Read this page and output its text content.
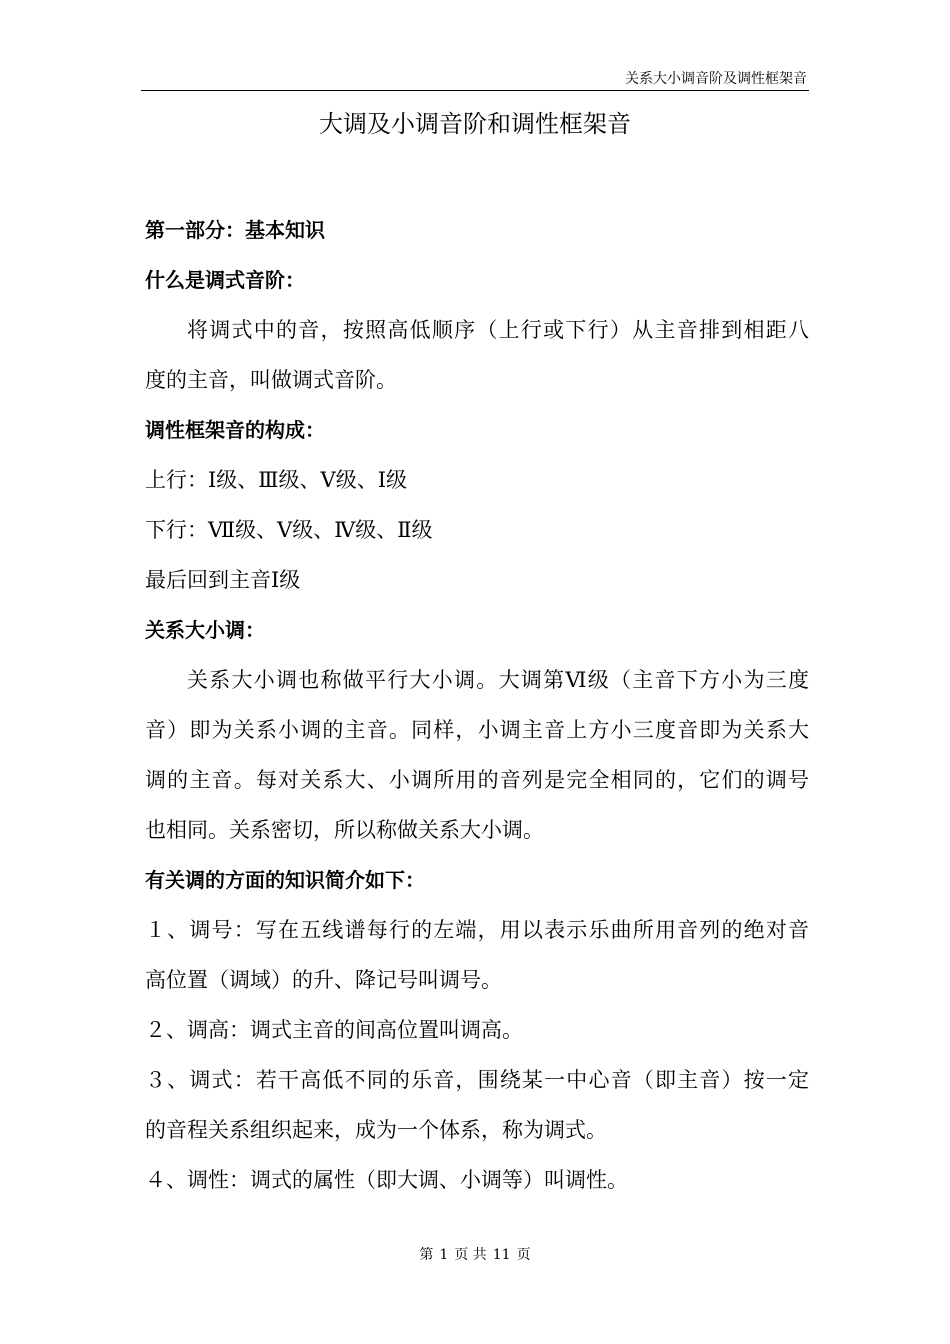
关系大小调音阶及调性框架音
大调及小调音阶和调性框架音
第一部分：基本知识
什么是调式音阶：
将调式中的音，按照高低顺序（上行或下行）从主音排到相距八
度的主音，叫做调式音阶。
调性框架音的构成：
上行：Ⅰ级、Ⅲ级、Ⅴ级、Ⅰ级
下行：Ⅶ级、Ⅴ级、Ⅳ级、Ⅱ级
最后回到主音Ⅰ级
关系大小调：
关系大小调也称做平行大小调。大调第Ⅵ级（主音下方小为三度
音）即为关系小调的主音。同样，小调主音上方小三度音即为关系大
调的主音。每对关系大、小调所用的音列是完全相同的，它们的调号
也相同。关系密切，所以称做关系大小调。
有关调的方面的知识简介如下：
１、调号：写在五线谱每行的左端，用以表示乐曲所用音列的绝对音
高位置（调域）的升、降记号叫调号。
２、调高：调式主音的间高位置叫调高。
３、调式：若干高低不同的乐音，围绕某一中心音（即主音）按一定
的音程关系组织起来，成为一个体系，称为调式。
４、调性：调式的属性（即大调、小调等）叫调性。
第 1 页 共 11 页
